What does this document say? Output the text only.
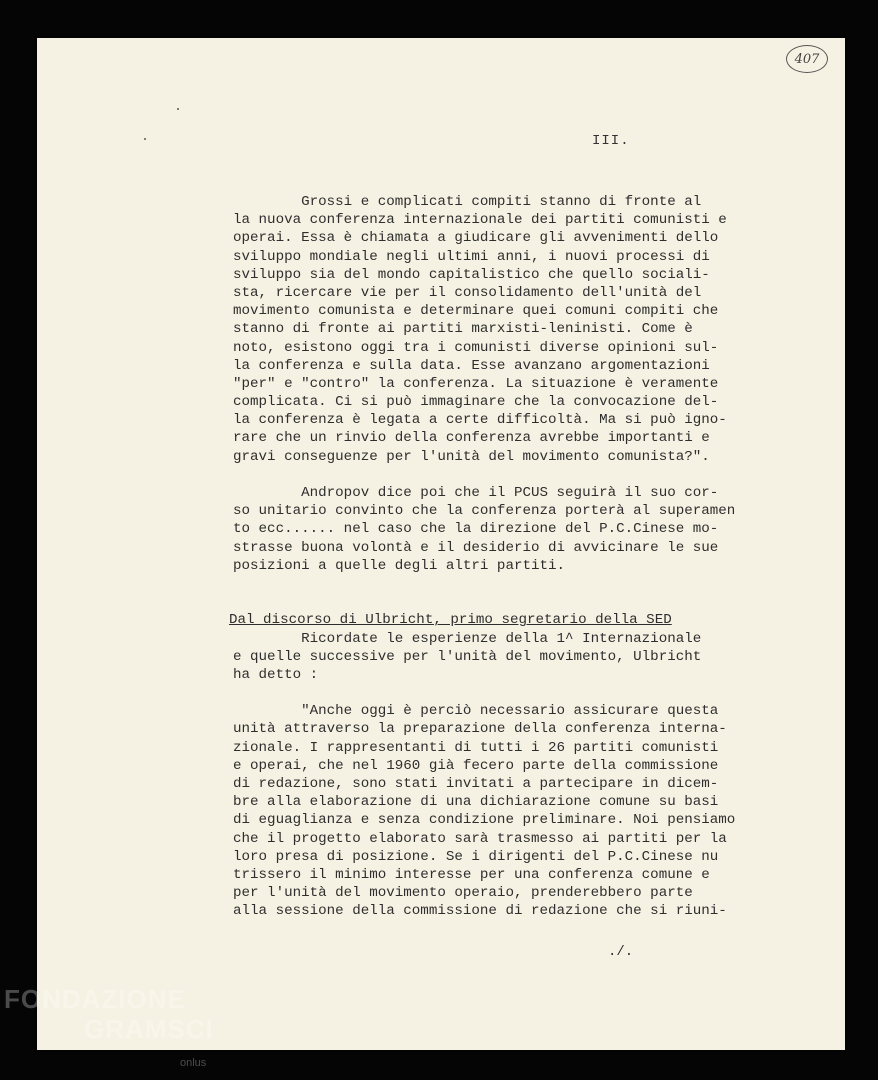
407
III.
Grossi e complicati compiti stanno di fronte al
la nuova conferenza internazionale dei partiti comunisti e
operai. Essa è chiamata a giudicare gli avvenimenti dello
sviluppo mondiale negli ultimi anni, i nuovi processi di
sviluppo sia del mondo capitalistico che quello sociali-
sta, ricercare vie per il consolidamento dell'unità del
movimento comunista e determinare quei comuni compiti che
stanno di fronte ai partiti marxisti-leninisti. Come è
noto, esistono oggi tra i comunisti diverse opinioni sul-
la conferenza e sulla data. Esse avanzano argomentazioni
"per" e "contro" la conferenza. La situazione è veramente
complicata. Ci si può immaginare che la convocazione del-
la conferenza è legata a certe difficoltà. Ma si può igno-
rare che un rinvio della conferenza avrebbe importanti e
gravi conseguenze per l'unità del movimento comunista?".
Andropov dice poi che il PCUS seguirà il suo cor-
so unitario convinto che la conferenza porterà al superamen
to ecc...... nel caso che la direzione del P.C.Cinese mo-
strasse buona volontà e il desiderio di avvicinare le sue
posizioni a quelle degli altri partiti.
Dal discorso di Ulbricht, primo segretario della SED
Ricordate le esperienze della 1^ Internazionale
e quelle successive per l'unità del movimento, Ulbricht
ha detto :
"Anche oggi è perciò necessario assicurare questa
unità attraverso la preparazione della conferenza interna-
zionale. I rappresentanti di tutti i 26 partiti comunisti
e operai, che nel 1960 già fecero parte della commissione
di redazione, sono stati invitati a partecipare in dicem-
bre alla elaborazione di una dichiarazione comune su basi
di eguaglianza e senza condizione preliminare. Noi pensiamo
che il progetto elaborato sarà trasmesso ai partiti per la
loro presa di posizione. Se i dirigenti del P.C.Cinese nu
trissero il minimo interesse per una conferenza comune e
per l'unità del movimento operaio, prenderebbero parte
alla sessione della commissione di redazione che si riuni-
./.
FONDAZIONE
GRAMSCI
onlus
